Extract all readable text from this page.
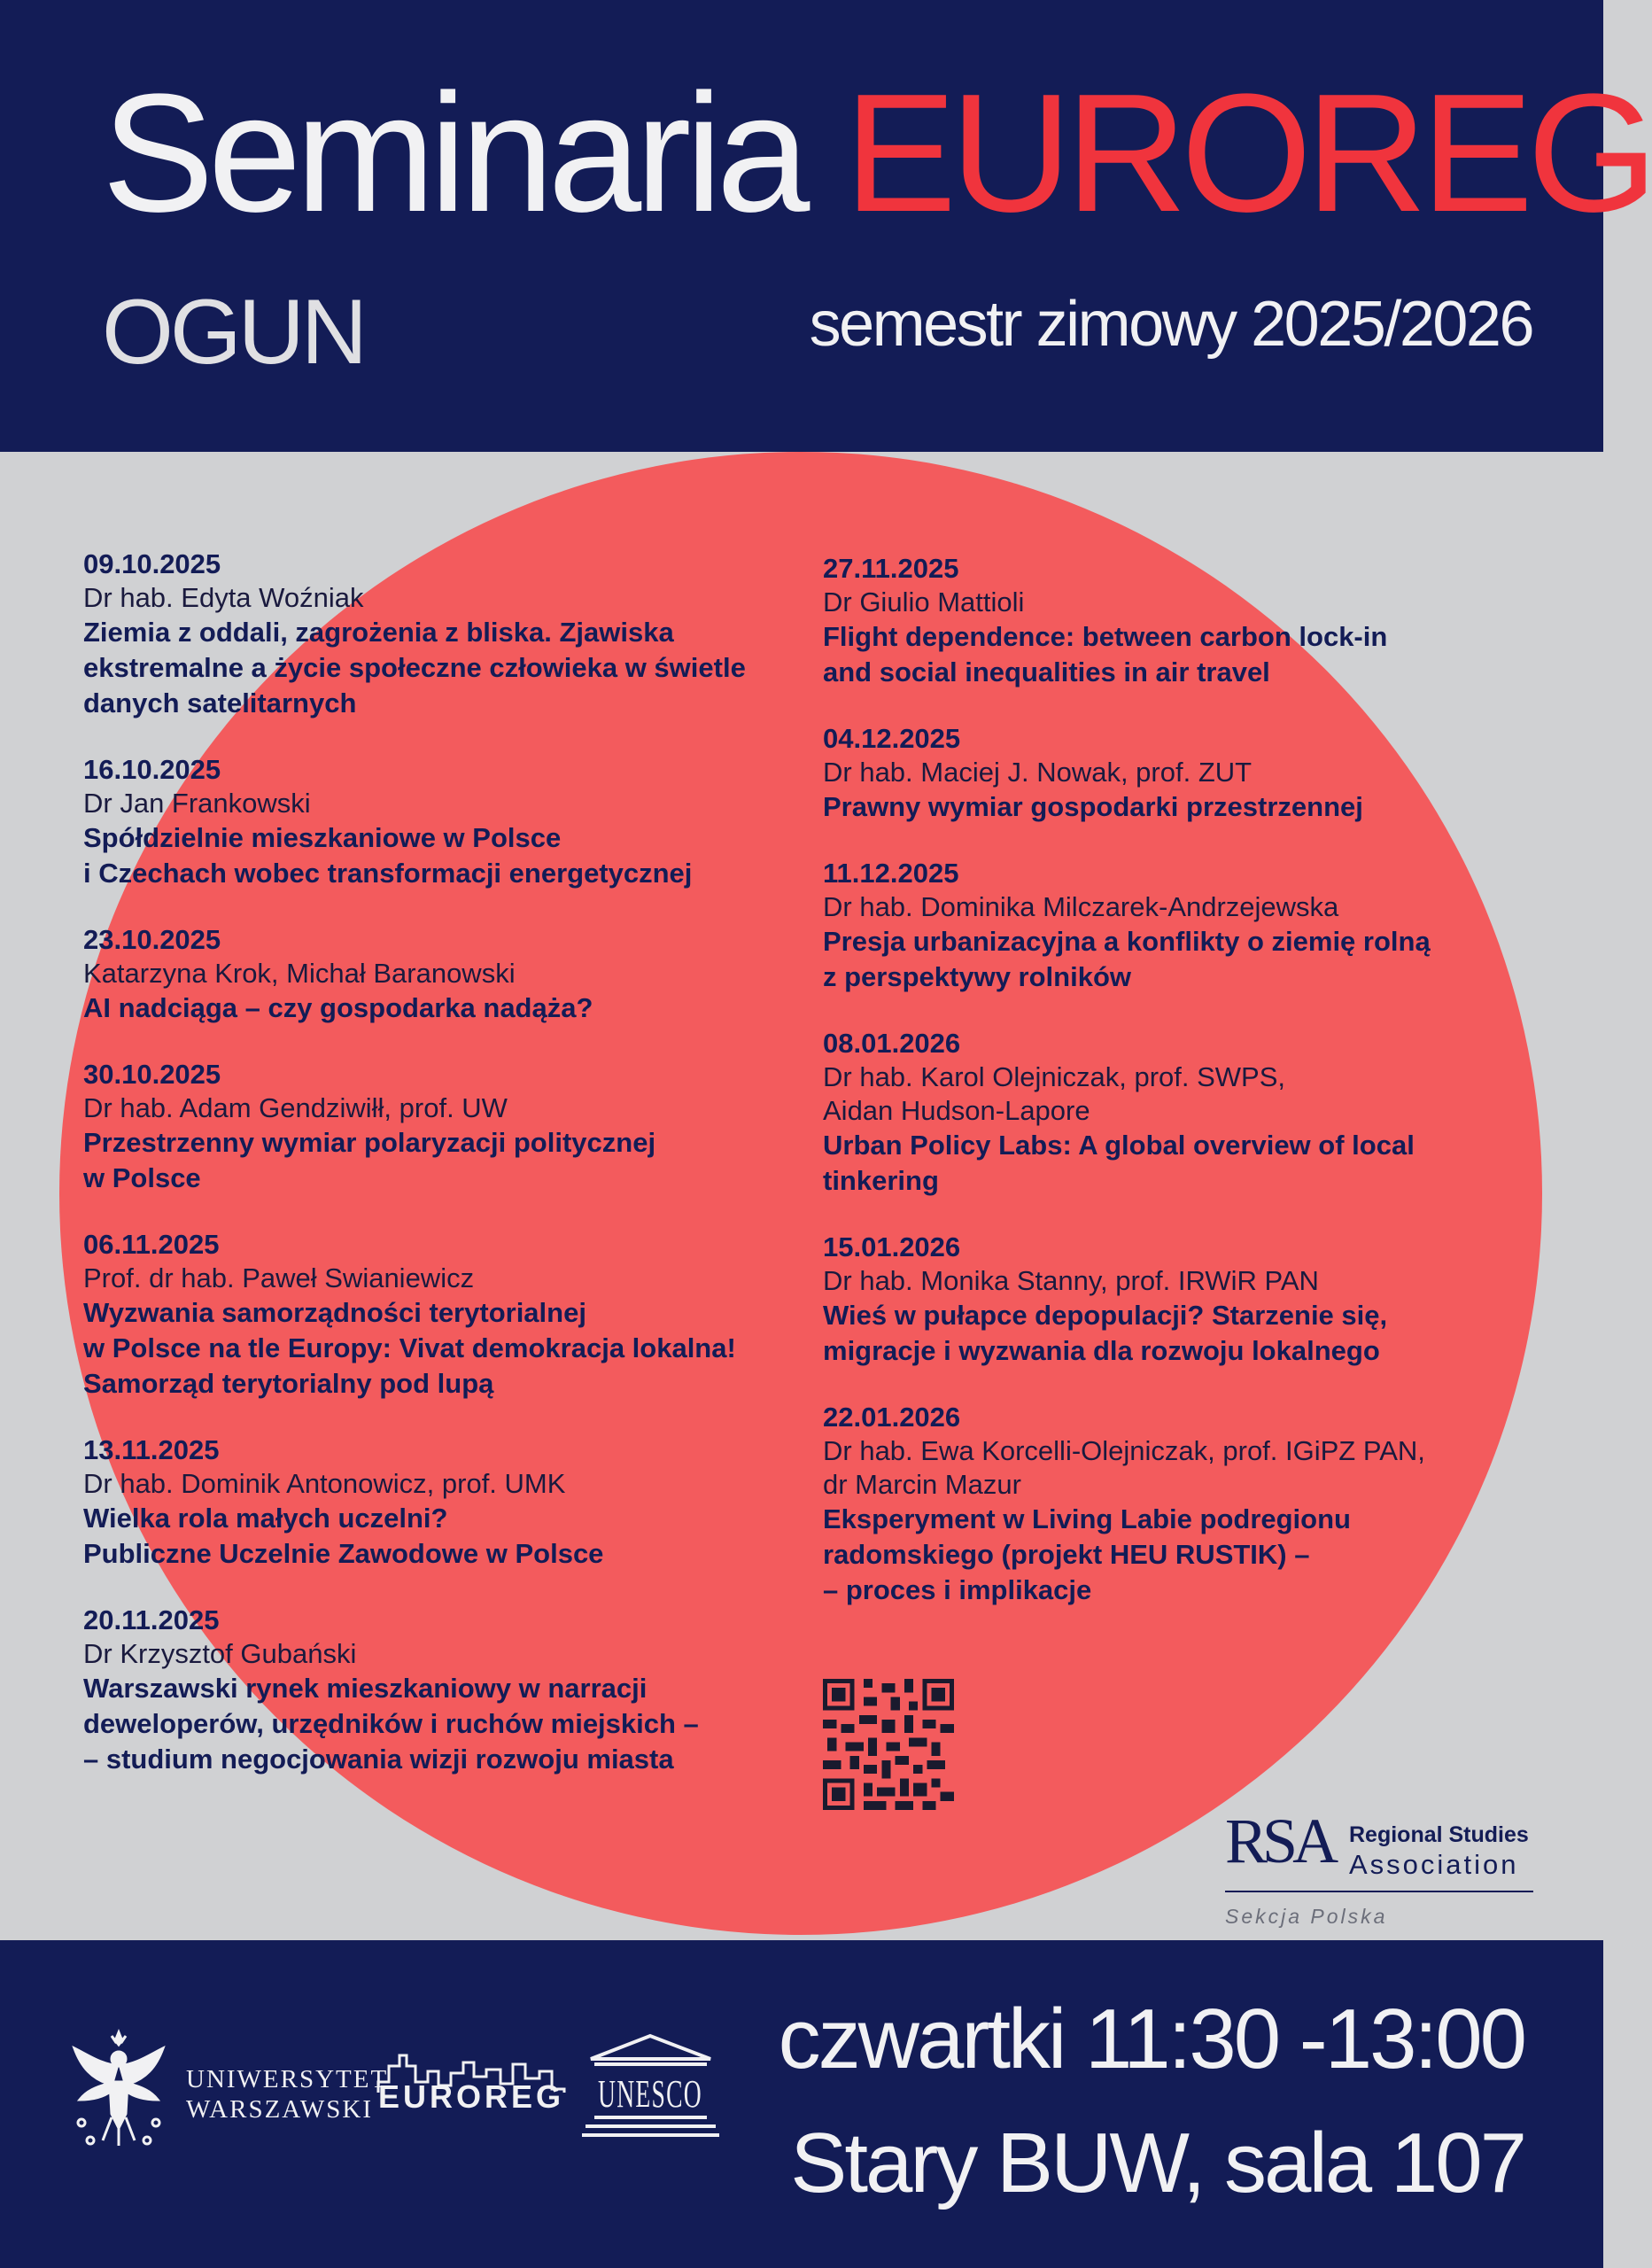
Seminaria EUROREG
OGUN	semestr zimowy 2025/2026
09.10.2025
Dr hab. Edyta Woźniak
Ziemia z oddali, zagrożenia z bliska. Zjawiska
ekstremalne a życie społeczne człowieka w świetle
danych satelitarnych
16.10.2025
Dr Jan Frankowski
Spółdzielnie mieszkaniowe w Polsce
i Czechach wobec transformacji energetycznej
23.10.2025
Katarzyna Krok, Michał Baranowski
AI nadciąga – czy gospodarka nadąża?
30.10.2025
Dr hab. Adam Gendziwiłł, prof. UW
Przestrzenny wymiar polaryzacji politycznej
w Polsce
06.11.2025
Prof. dr hab. Paweł Swianiewicz
Wyzwania samorządności terytorialnej
w Polsce na tle Europy: Vivat demokracja lokalna!
Samorząd terytorialny pod lupą
13.11.2025
Dr hab. Dominik Antonowicz, prof. UMK
Wielka rola małych uczelni?
Publiczne Uczelnie Zawodowe w Polsce
20.11.2025
Dr Krzysztof Gubański
Warszawski rynek mieszkaniowy w narracji
deweloperów, urzędników i ruchów miejskich –
– studium negocjowania wizji rozwoju miasta
27.11.2025
Dr Giulio Mattioli
Flight dependence: between carbon lock-in
and social inequalities in air travel
04.12.2025
Dr hab. Maciej J. Nowak, prof. ZUT
Prawny wymiar gospodarki przestrzennej
11.12.2025
Dr hab. Dominika Milczarek-Andrzejewska
Presja urbanizacyjna a konflikty o ziemię rolną
z perspektywy rolników
08.01.2026
Dr hab. Karol Olejniczak, prof. SWPS,
Aidan Hudson-Lapore
Urban Policy Labs: A global overview of local
tinkering
15.01.2026
Dr hab. Monika Stanny, prof. IRWiR PAN
Wieś w pułapce depopulacji? Starzenie się,
migracje i wyzwania dla rozwoju lokalnego
22.01.2026
Dr hab. Ewa Korcelli-Olejniczak, prof. IGiPZ PAN,
dr Marcin Mazur
Eksperyment w Living Labie podregionu
radomskiego (projekt HEU RUSTIK) –
– proces i implikacje
RSA Regional Studies
Association
Sekcja Polska
UNIWERSYTET
WARSZAWSKI EUROREG UNESCO
czwartki 11:30 -13:00
Stary BUW, sala 107
